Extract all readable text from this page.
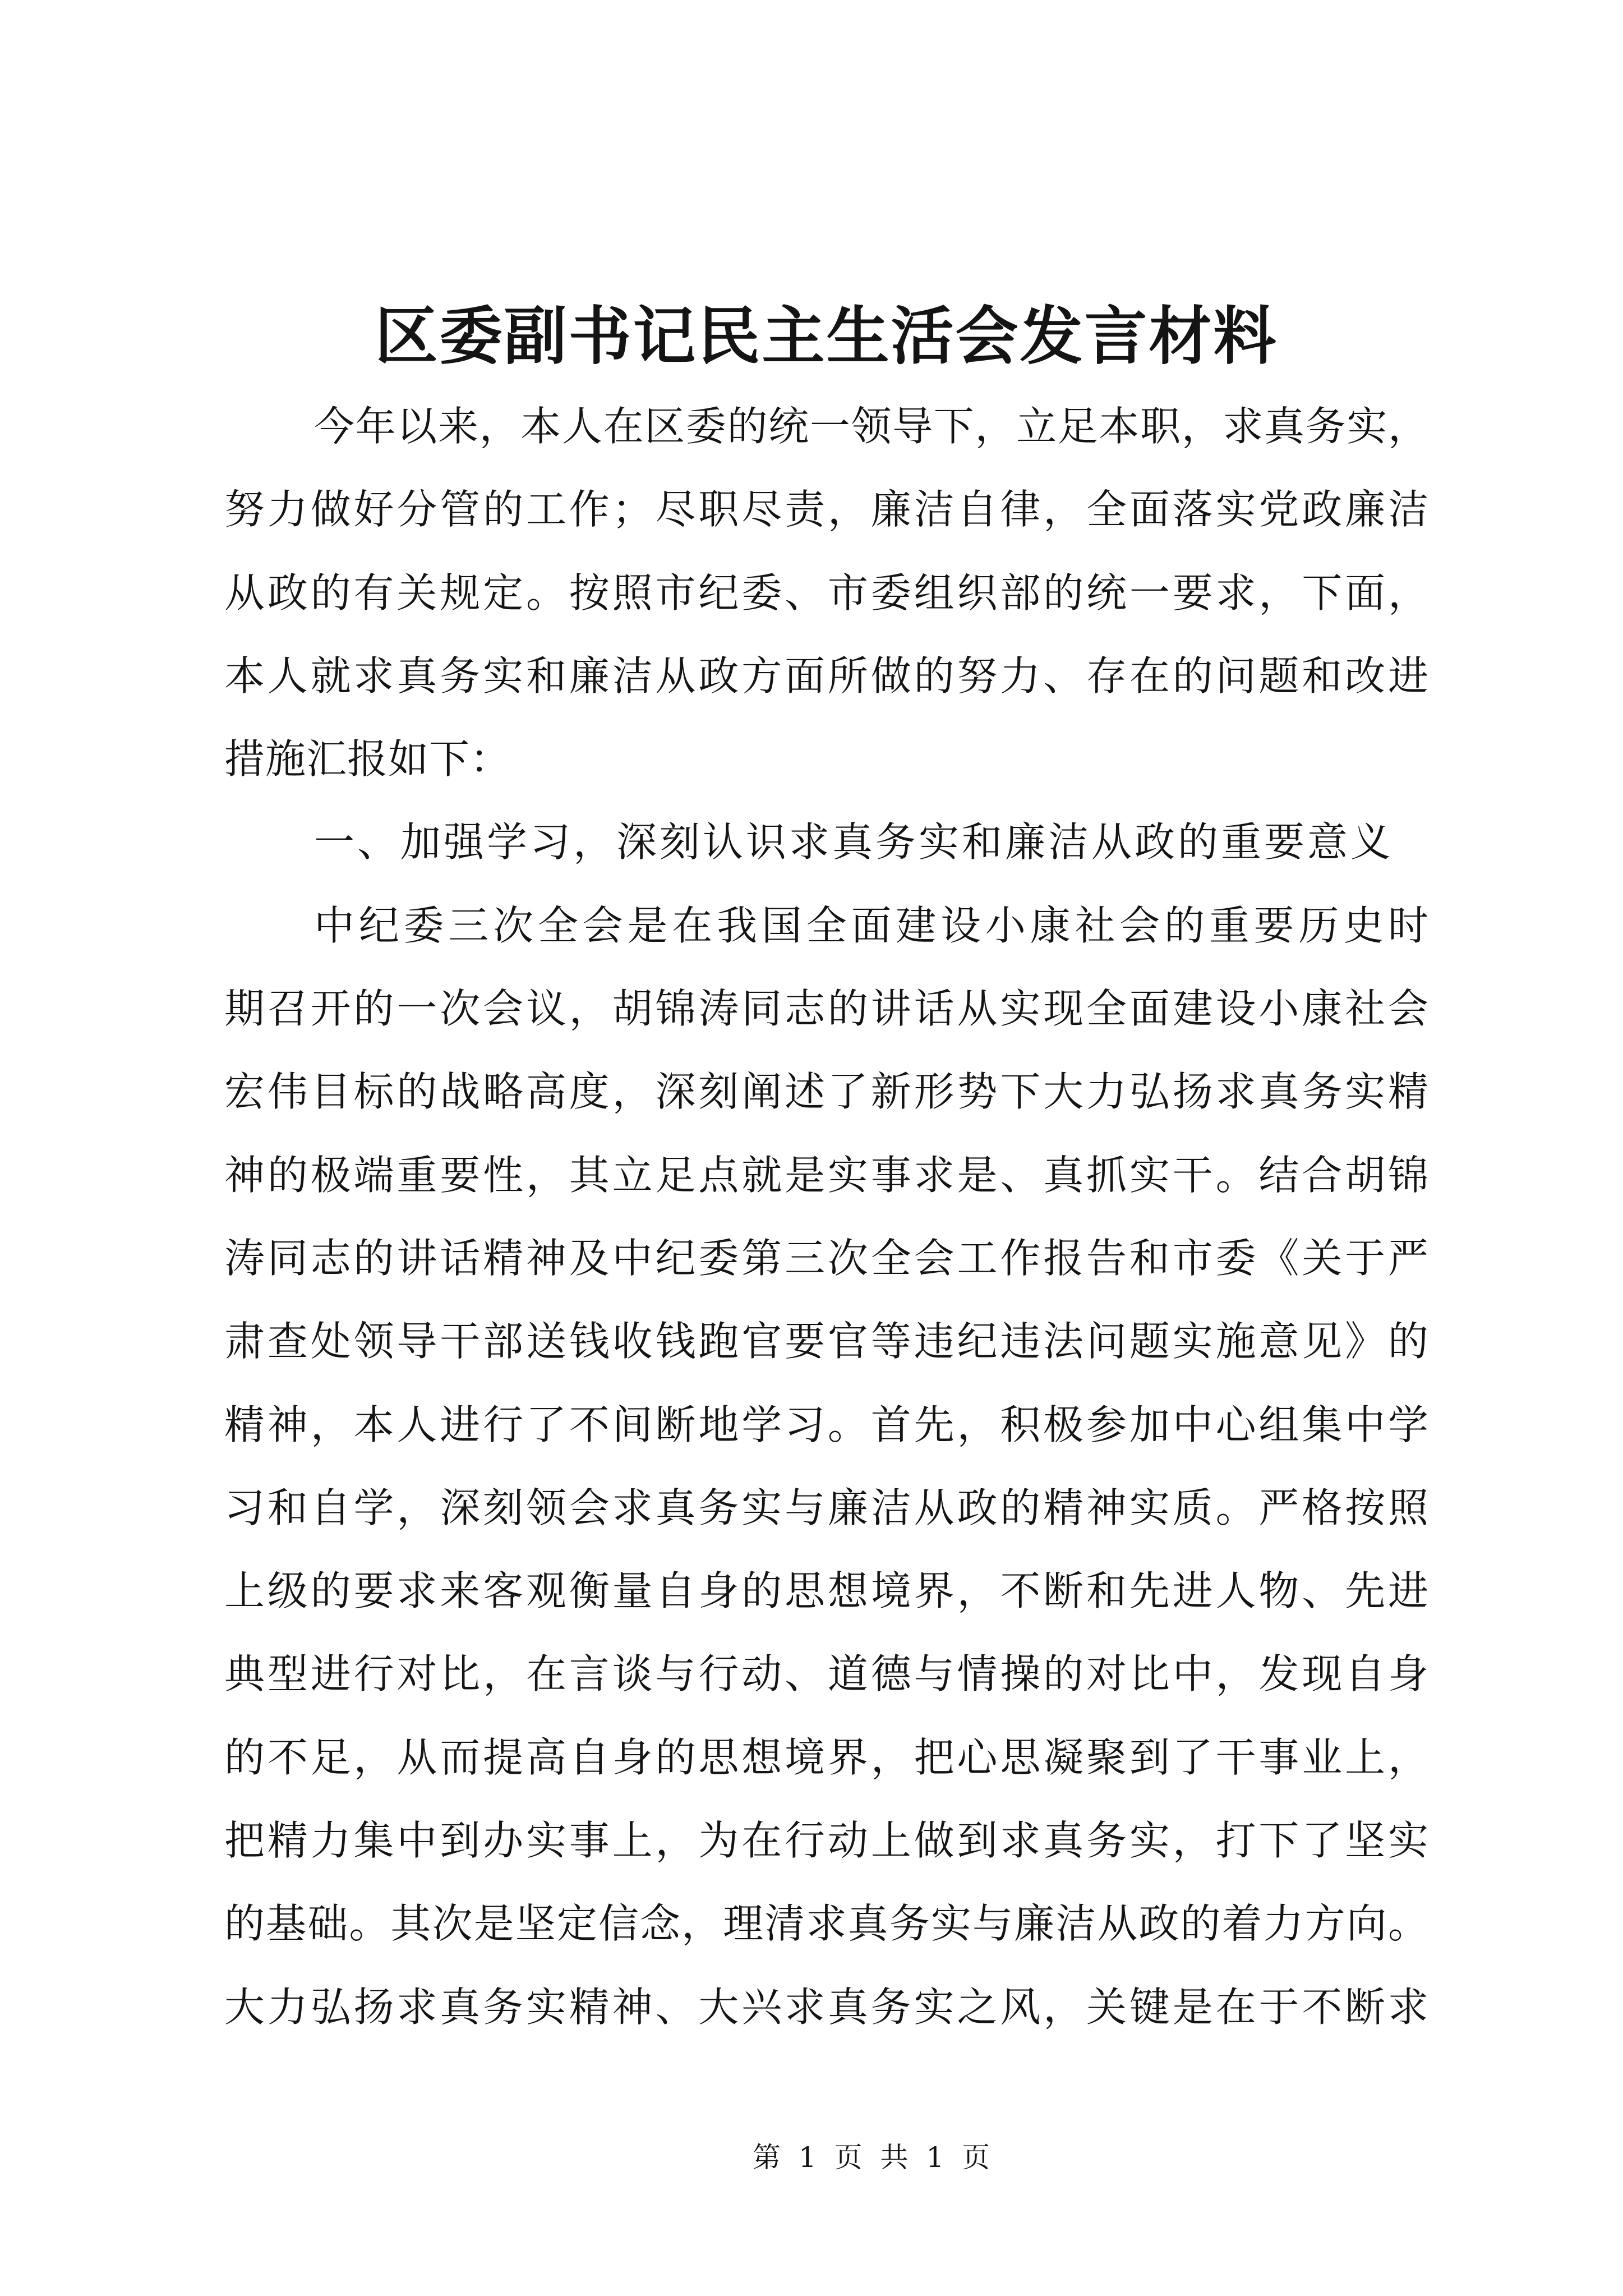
区委副书记民主生活会发言材料
今年以来，本人在区委的统一领导下，立足本职，求真务实，
努力做好分管的工作；尽职尽责，廉洁自律，全面落实党政廉洁
从政的有关规定。按照市纪委、市委组织部的统一要求，下面，
本人就求真务实和廉洁从政方面所做的努力、存在的问题和改进
措施汇报如下：
一、加强学习，深刻认识求真务实和廉洁从政的重要意义
中纪委三次全会是在我国全面建设小康社会的重要历史时
期召开的一次会议，胡锦涛同志的讲话从实现全面建设小康社会
宏伟目标的战略高度，深刻阐述了新形势下大力弘扬求真务实精
神的极端重要性，其立足点就是实事求是、真抓实干。结合胡锦
涛同志的讲话精神及中纪委第三次全会工作报告和市委《关于严
肃查处领导干部送钱收钱跑官要官等违纪违法问题实施意见》的
精神，本人进行了不间断地学习。首先，积极参加中心组集中学
习和自学，深刻领会求真务实与廉洁从政的精神实质。严格按照
上级的要求来客观衡量自身的思想境界，不断和先进人物、先进
典型进行对比，在言谈与行动、道德与情操的对比中，发现自身
的不足，从而提高自身的思想境界，把心思凝聚到了干事业上，
把精力集中到办实事上，为在行动上做到求真务实，打下了坚实
的基础。其次是坚定信念，理清求真务实与廉洁从政的着力方向。
大力弘扬求真务实精神、大兴求真务实之风，关键是在于不断求
第 1 页 共 1 页
